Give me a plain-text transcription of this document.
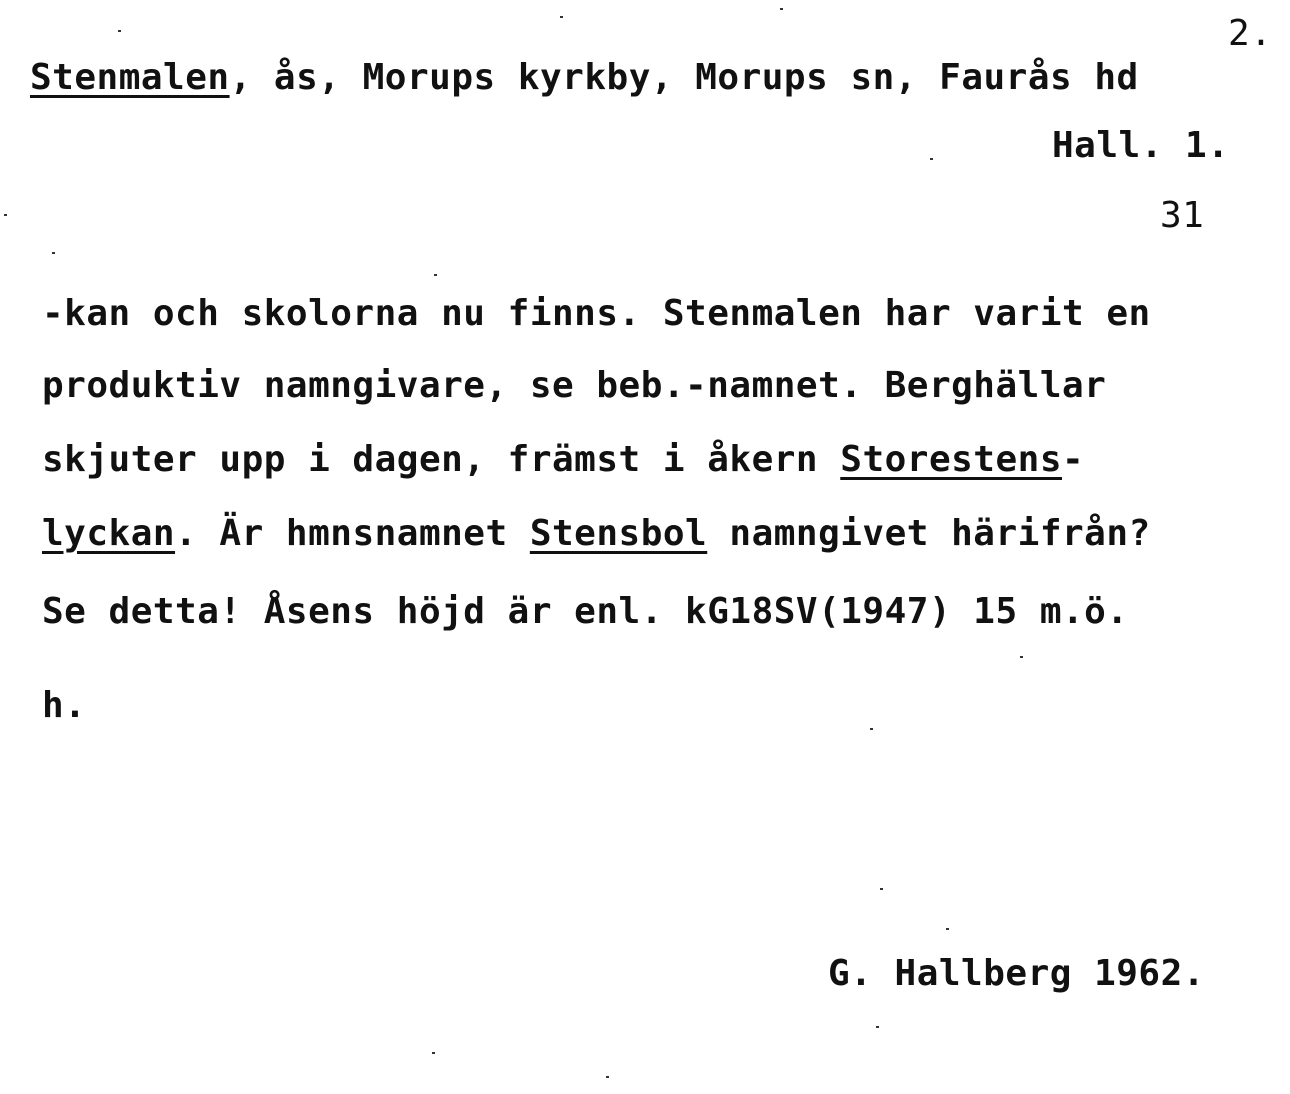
2.
Stenmalen, ås, Morups kyrkby, Morups sn, Faurås hd
Hall. 1.
31
-kan och skolorna nu finns. Stenmalen har varit en
produktiv namngivare, se beb.-namnet. Berghällar
skjuter upp i dagen, främst i åkern Storestens-
lyckan. Är hmnsnamnet Stensbol namngivet härifrån?
Se detta! Åsens höjd är enl. kG18SV(1947) 15 m.ö.
h.
G. Hallberg 1962.
